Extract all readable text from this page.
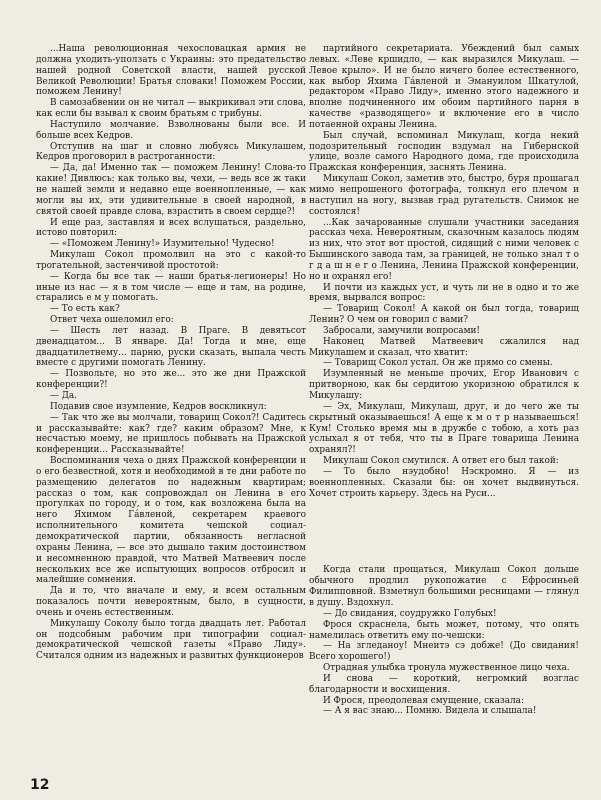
...Наша революционная чехословацкая армия не должна уходить-уползать с Украины: это предательство нашей родной Советской власти, нашей русской Великой Революции! Братья словаки! Поможем России, поможем Ленину!

В самозабвении он не читал — выкрикивал эти слова, как если бы взывал к своим братьям с трибуны.

Наступило молчание. Взволнованы были все. И больше всех Кедров.

Отступив на шаг и словно любуясь Микулашем, Кедров проговорил в растроганности:

— Да, да! Именно так — поможем Ленину! Слова-то какие! Дивлюсь: как только вы, чехи, — ведь все ж таки не нашей земли и недавно еще военнопленные, — как могли вы их, эти удивительные в своей народной, в святой своей правде слова, взрастить в своем сердце?!

И еще раз, заставляя и всех вслушаться, раздельно, истово повторил:

— «Поможем Ленину!» Изумительно! Чудесно!

Микулаш Сокол промолвил на это с какой-то трогательной, застенчивой простотой:

— Когда бы все так — наши братья-легионеры! Но иные из нас — я в том числе — еще и там, на родине, старались е м у помогать.

— То есть как?

Ответ чеха ошеломил его:

— Шесть лет назад. В Праге. В девятьсот двенадцатом... В январе. Да! Тогда и мне, еще двадцатилетнему... парню, руски сказать, выпала честь вместе с другими помогать Ленину.

— Позвольте, но это же... это же дни Пражской конференции?!

— Да.

Подавив свое изумление, Кедров воскликнул:

— Так что же вы молчали, товарищ Сокол?! Садитесь и рассказывайте: как? где? каким образом? Мне, к несчастью моему, не пришлось побывать на Пражской конференции... Рассказывайте!

Воспоминания чеха о днях Пражской конференции и о его безвестной, хотя и необходимой в те дни работе по размещению делегатов по надежным квартирам; рассказ о том, как сопровождал он Ленина в его прогулках по городу, и о том, как возложена была на него Яхимом Га́вленой, секретарем краевого исполнительного комитета чешской социал-демократической партии, обязанность негласной охраны Ленина, — все это дышало таким достоинством и несомненною правдой, что Матвей Матвеевич после нескольких все же испытующих вопросов отбросил и малейшие сомнения.

Да и то, что вначале и ему, и всем остальным показалось почти невероятным, было, в сущности, очень и очень естественным.

Микулашу Соколу было тогда двадцать лет. Работал он подсобным рабочим при типографии социал-демократической чешской газеты «Право Лиду». Считался одним из надежных и развитых функционеров

партийного секретариата. Убеждений был самых левых. «Леве кршидло, — как выразился Микулаш. — Левое крыло». И не было ничего более естественного, как выбор Яхима Га́вленой и Эмануилом Шкатулой, редактором «Право Лиду», именно этого надежного и вполне подчиненного им обоим партийного парня в качестве «разводящего» и включение его в число потаенной охраны Ленина.

Был случай, вспоминал Микулаш, когда некий подозрительный господин вздумал на Гибернской улице, возле самого Народного дома, где происходила Пражская конференция, заснять Ленина.

Микулаш Сокол, заметив это, быстро, буря прошагал мимо непрошеного фотографа, толкнул его плечом и наступил на ногу, вызвав град ругательств. Снимок не состоялся!

...Как зачарованные слушали участники заседания рассказ чеха. Невероятным, сказочным казалось людям из них, что этот вот простой, сидящий с ними человек с Бышинского завода там, за границей, не только знал т о г д а ш н е г о Ленина, Ленина Пражской конференции, но и охранял его!

И почти из каждых уст, и чуть ли не в одно и то же время, вырвался вопрос:

— Товарищ Сокол! А какой он был тогда, товарищ Ленин? О чем он говорил с вами?

Забросали, замучили вопросами!

Наконец Матвей Матвеевич сжалился над Микулашем и сказал, что хватит:

— Товарищ Сокол устал. Он же прямо со смены.

Изумленный не меньше прочих, Егор Иванович с притворною, как бы сердитою укоризною обратился к Микулашу:

— Эх, Микулаш, Микулаш, друг, и до чего же ты скрытный оказываешься! А еще к м о т р называешься! Кум! Столько время мы в дружбе с тобою, а хоть раз услыхал я от тебя, что ты в Праге товарища Ленина охранял?!

Микулаш Сокол смутился. А ответ его был такой:

— То было нэудобно! Нэскромно. Я — из военнопленных. Сказали бы: он хочет выдвинуться. Хочет строить карьеру. Здесь на Руси...

Когда стали прощаться, Микулаш Сокол дольше обычного продлил рукопожатие с Ефросиньей Филипповной. Взметнул большими ресницами — глянул в душу. Вздохнул.

— До свидания, соудружко Голубых!

Фрося скраснела, быть может, потому, что опять намелилась ответить ему по-чешски:

— На згледаноу! Мнеитэ сэ добже! (До свидания! Всего хорошего!)

Отрадная улыбка тронула мужественное лицо чеха.

И снова — короткий, негромкий возглас благодарности и восхищения.

И Фрося, преодолевая смущение, сказала:

— А я вас знаю... Помню. Видела и слышала!

12
